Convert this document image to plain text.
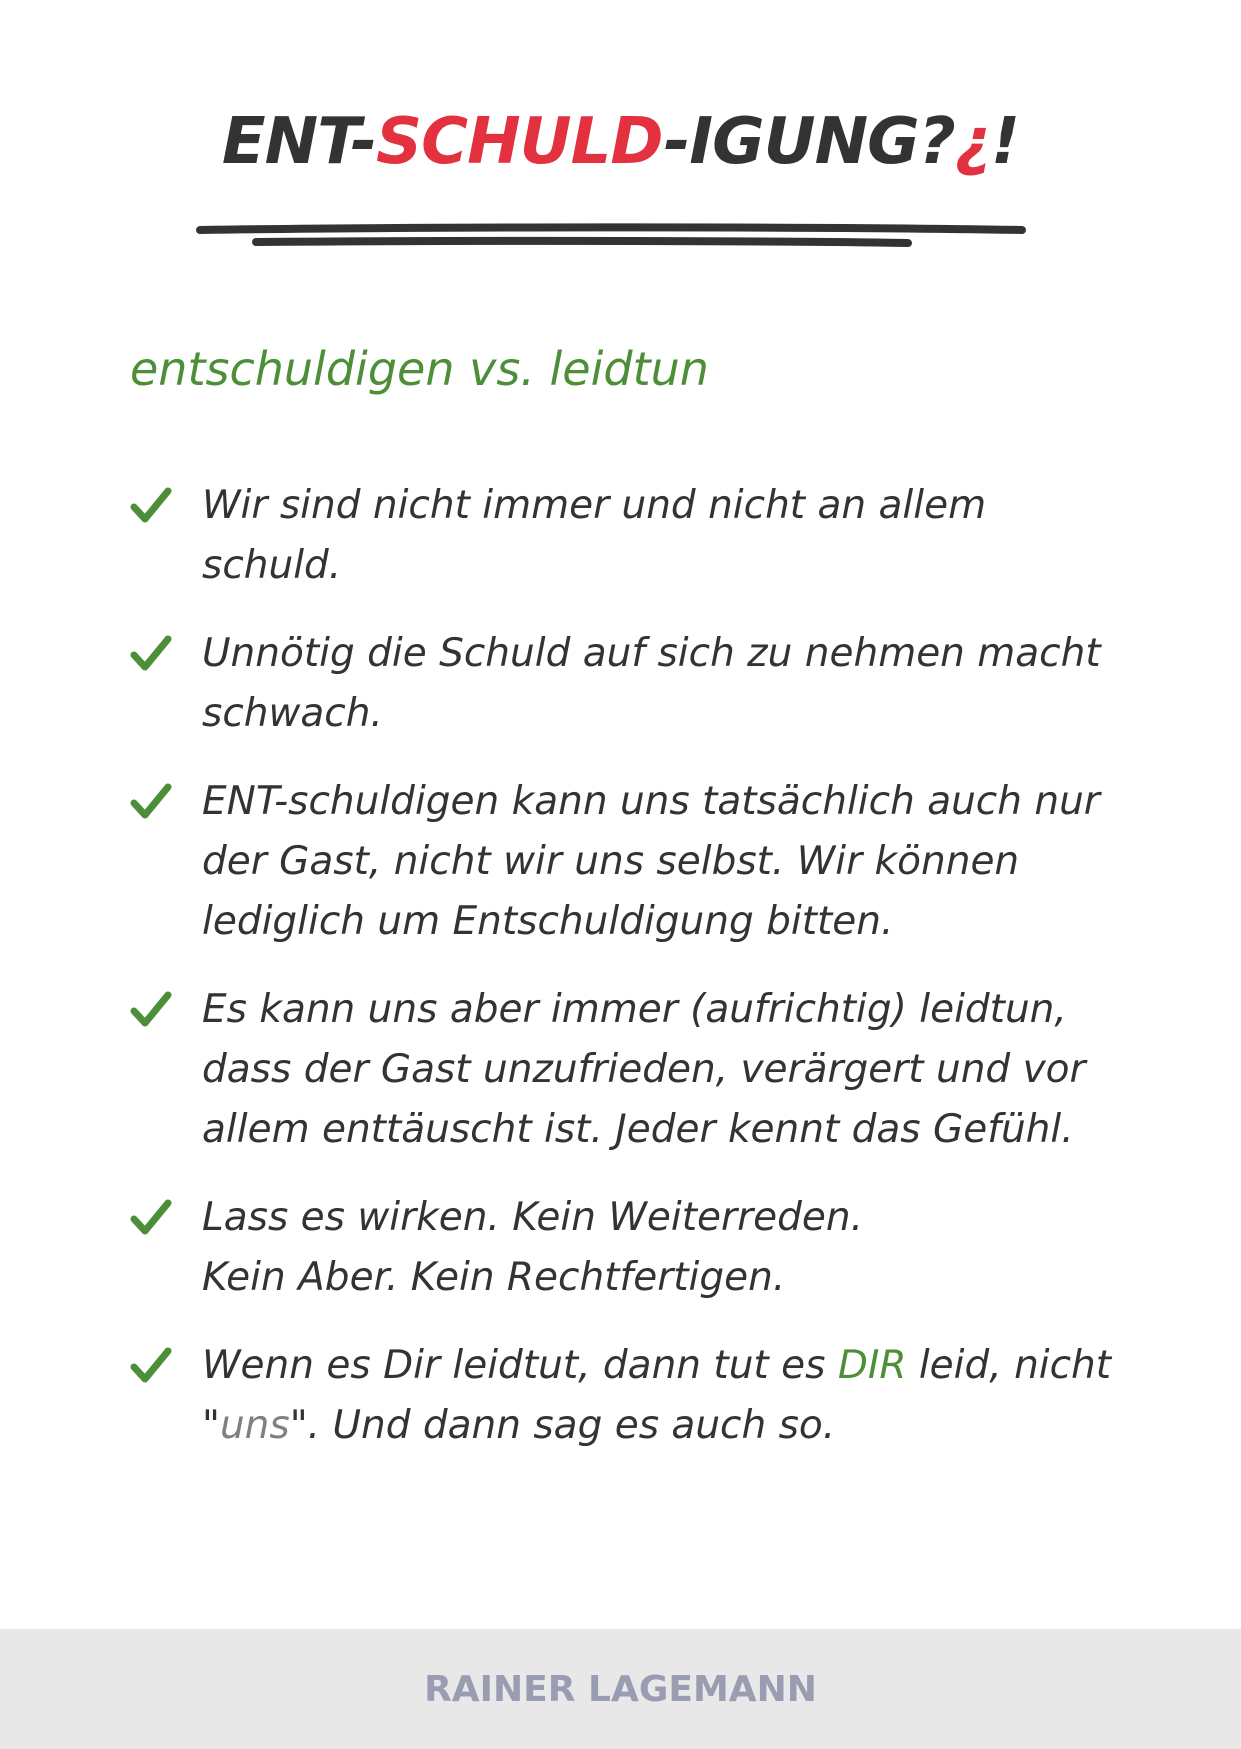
ENT-SCHULD-IGUNG?¿!
entschuldigen vs. leidtun
Wir sind nicht immer und nicht an allem schuld.
Unnötig die Schuld auf sich zu nehmen macht schwach.
ENT-schuldigen kann uns tatsächlich auch nur der Gast, nicht wir uns selbst. Wir können lediglich um Entschuldigung bitten.
Es kann uns aber immer (aufrichtig) leidtun, dass der Gast unzufrieden, verärgert und vor allem enttäuscht ist. Jeder kennt das Gefühl.
Lass es wirken. Kein Weiterreden.
Kein Aber. Kein Rechtfertigen.
Wenn es Dir leidtut, dann tut es DIR leid, nicht "uns". Und dann sag es auch so.
RAINER LAGEMANN
